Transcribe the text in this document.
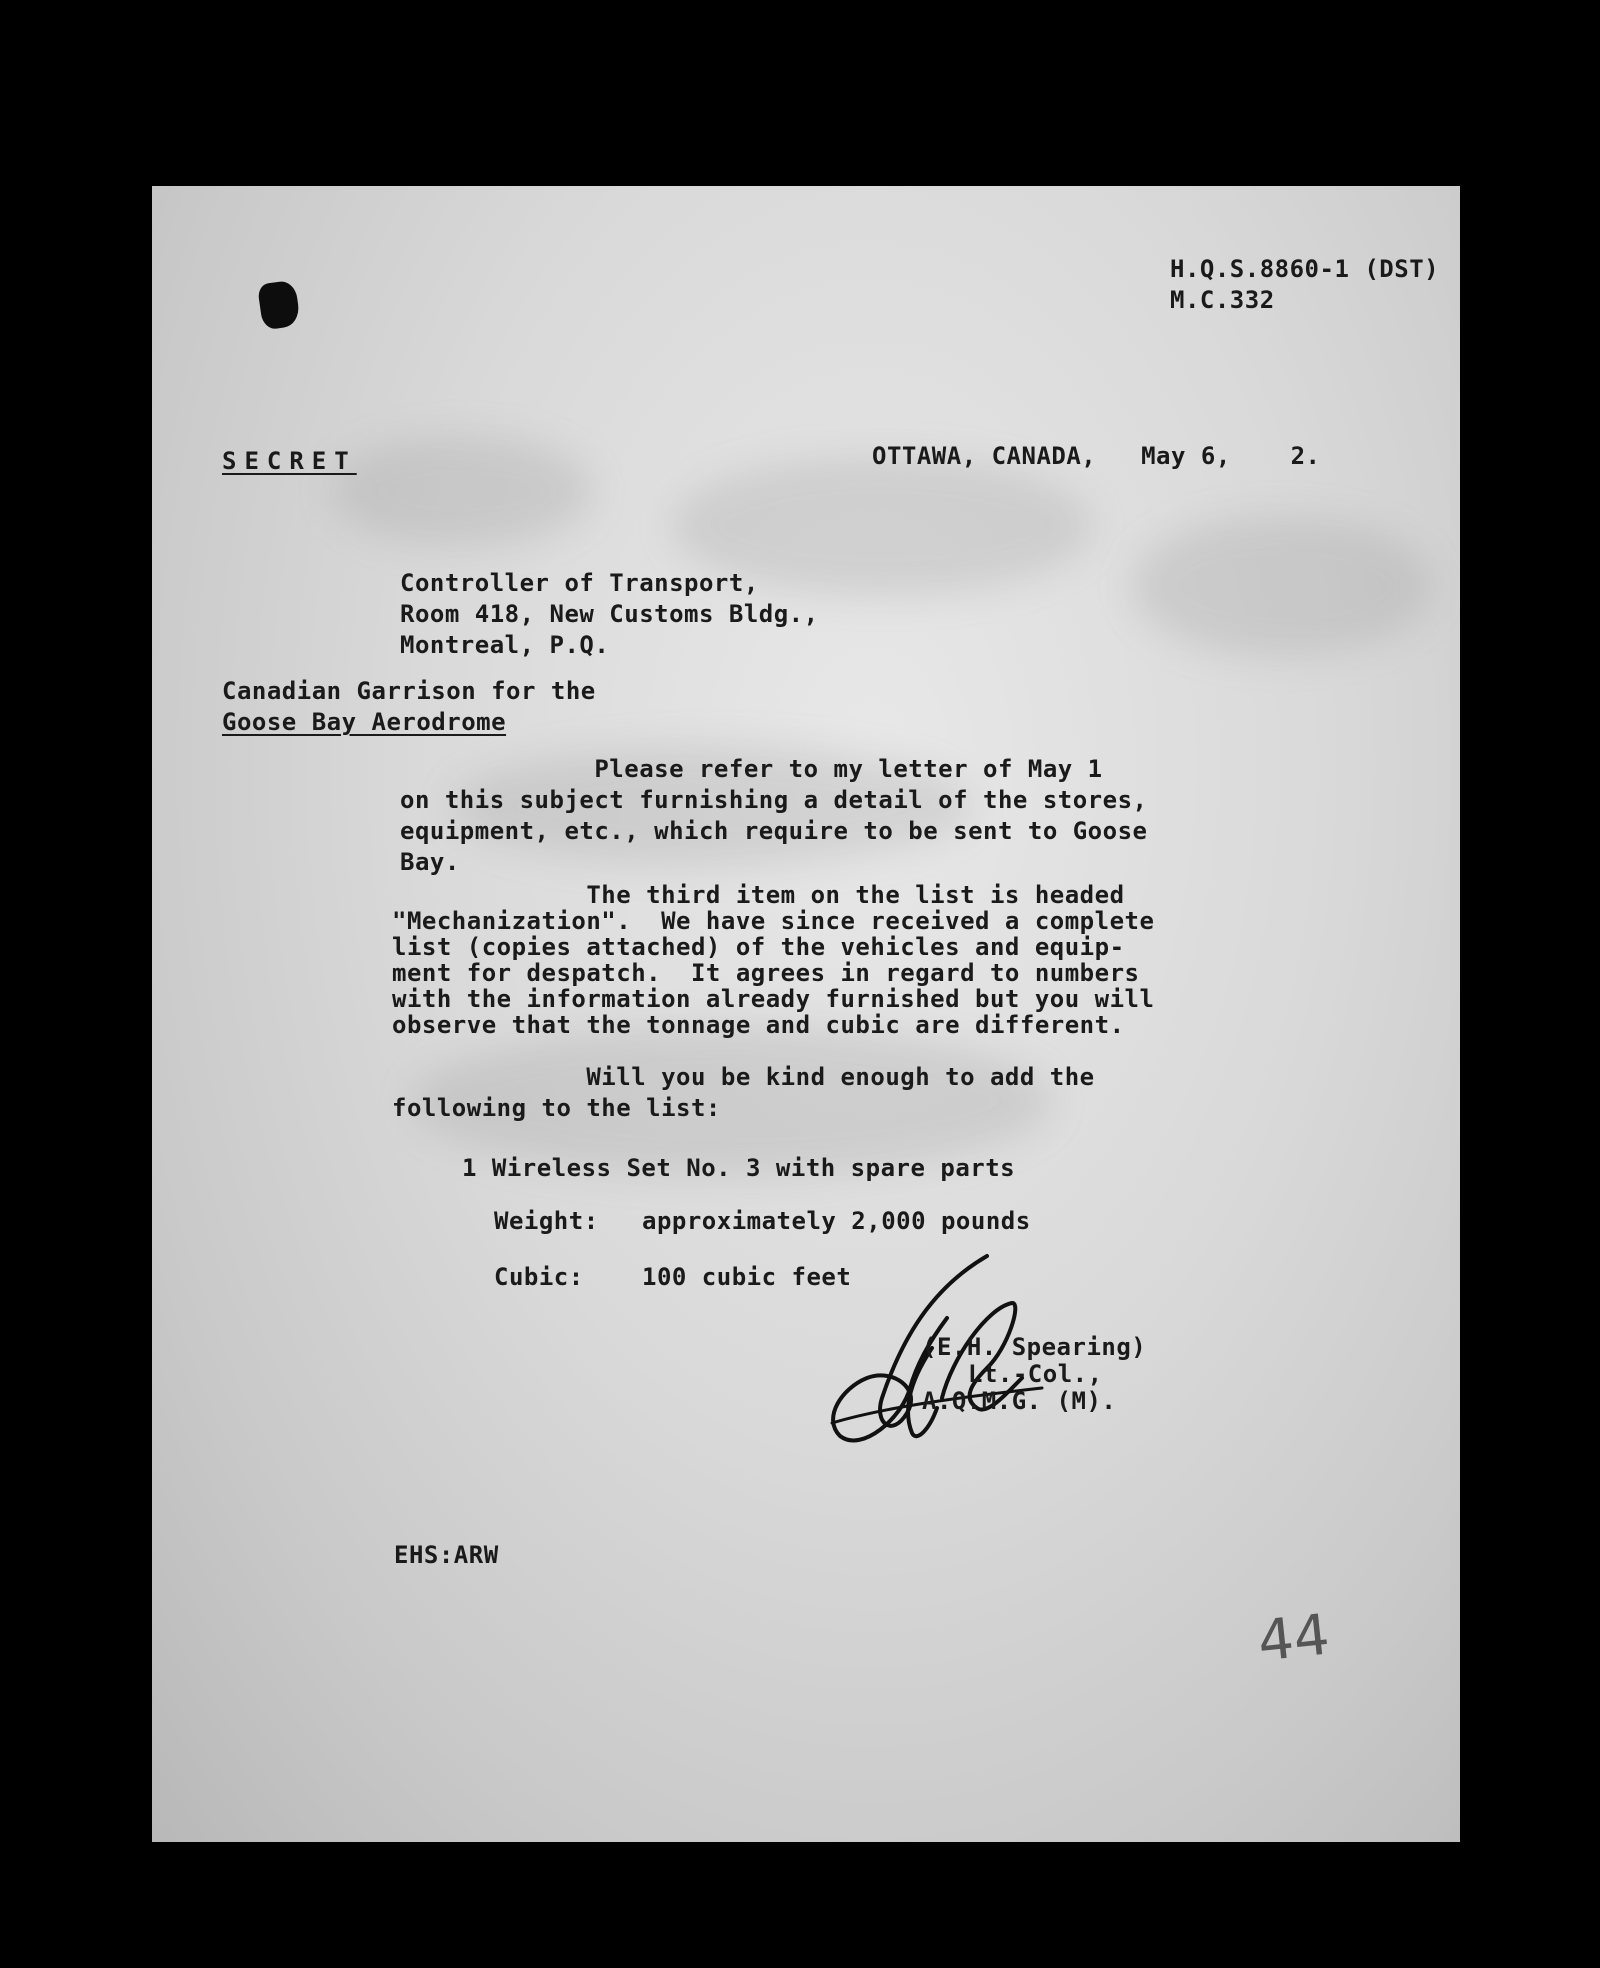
H.Q.S.8860-1 (DST)
M.C.332
SECRET	OTTAWA, CANADA,   May 6,    2.
Controller of Transport,
Room 418, New Customs Bldg.,
Montreal, P.Q.
Canadian Garrison for the
Goose Bay Aerodrome
Please refer to my letter of May 1
on this subject furnishing a detail of the stores,
equipment, etc., which require to be sent to Goose
Bay.
The third item on the list is headed
"Mechanization".  We have since received a complete
list (copies attached) of the vehicles and equip-
ment for despatch.  It agrees in regard to numbers
with the information already furnished but you will
observe that the tonnage and cubic are different.
Will you be kind enough to add the
following to the list:
1 Wireless Set No. 3 with spare parts
Weight: approximately 2,000 pounds
Cubic: 100 cubic feet
(E.H. Spearing)
Lt.-Col.,
A.Q.M.G. (M).
EHS:ARW
44
